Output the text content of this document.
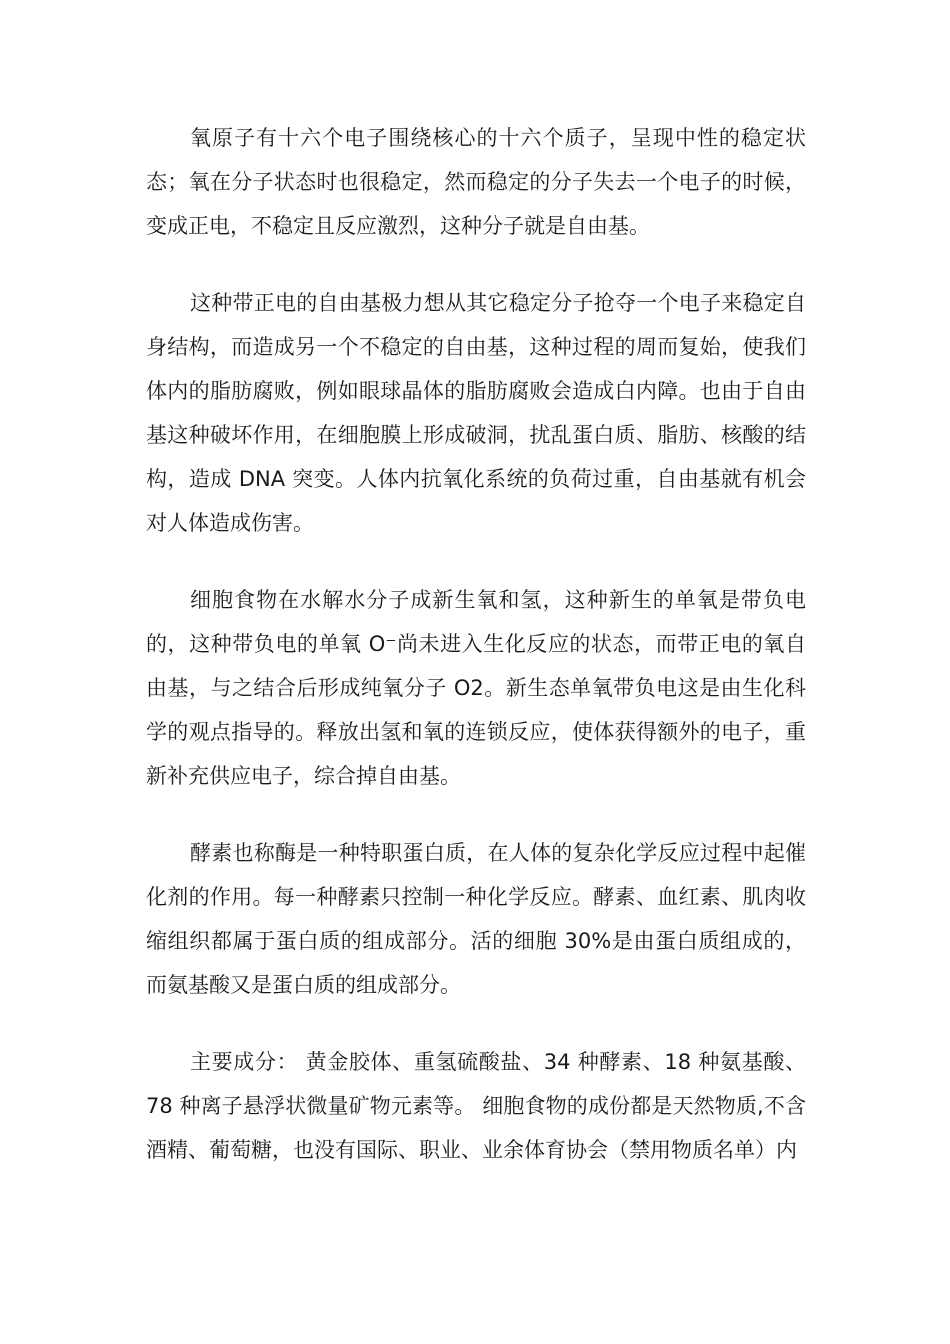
氧原子有十六个电子围绕核心的十六个质子，呈现中性的稳定状态；氧在分子状态时也很稳定，然而稳定的分子失去一个电子的时候，变成正电，不稳定且反应激烈，这种分子就是自由基。

这种带正电的自由基极力想从其它稳定分子抢夺一个电子来稳定自身结构，而造成另一个不稳定的自由基，这种过程的周而复始，使我们体内的脂肪腐败，例如眼球晶体的脂肪腐败会造成白内障。也由于自由基这种破坏作用，在细胞膜上形成破洞，扰乱蛋白质、脂肪、核酸的结构，造成 DNA 突变。人体内抗氧化系统的负荷过重，自由基就有机会对人体造成伤害。

细胞食物在水解水分子成新生氧和氢，这种新生的单氧是带负电的，这种带负电的单氧 O⁻尚未进入生化反应的状态，而带正电的氧自由基，与之结合后形成纯氧分子 O2。新生态单氧带负电这是由生化科学的观点指导的。释放出氢和氧的连锁反应，使体获得额外的电子，重新补充供应电子，综合掉自由基。

酵素也称酶是一种特职蛋白质，在人体的复杂化学反应过程中起催化剂的作用。每一种酵素只控制一种化学反应。酵素、血红素、肌肉收缩组织都属于蛋白质的组成部分。活的细胞 30%是由蛋白质组成的，而氨基酸又是蛋白质的组成部分。

主要成分： 黄金胶体、重氢硫酸盐、34 种酵素、18 种氨基酸、78 种离子悬浮状微量矿物元素等。 细胞食物的成份都是天然物质,不含酒精、葡萄糖，也没有国际、职业、业余体育协会（禁用物质名单）内
